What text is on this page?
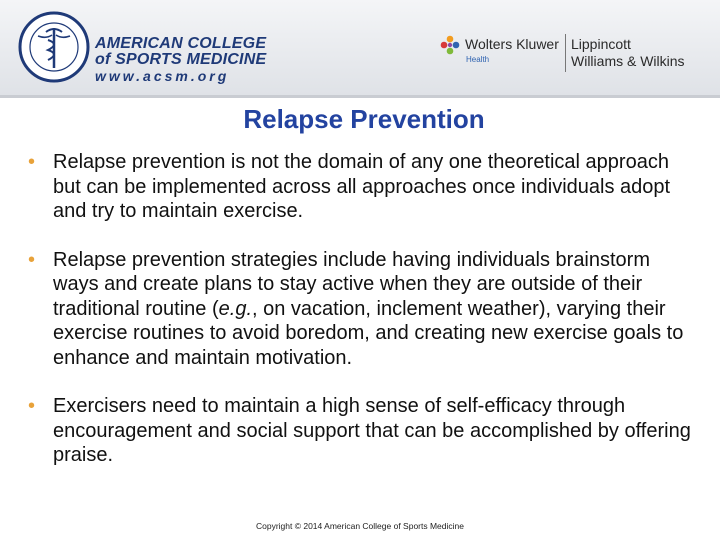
AMERICAN COLLEGE
of SPORTS MEDICINE
www.acsm.org
Wolters Kluwer
Health
Lippincott
Williams & Wilkins
Relapse Prevention
• Relapse prevention is not the domain of any one theoretical approach but can be implemented across all approaches once individuals adopt and try to maintain exercise.
• Relapse prevention strategies include having individuals brainstorm ways and create plans to stay active when they are outside of their traditional routine (e.g., on vacation, inclement weather), varying their exercise routines to avoid boredom, and creating new exercise goals to enhance and maintain motivation.
• Exercisers need to maintain a high sense of self-efficacy through encouragement and social support that can be accomplished by offering praise.
Copyright © 2014 American College of Sports Medicine
